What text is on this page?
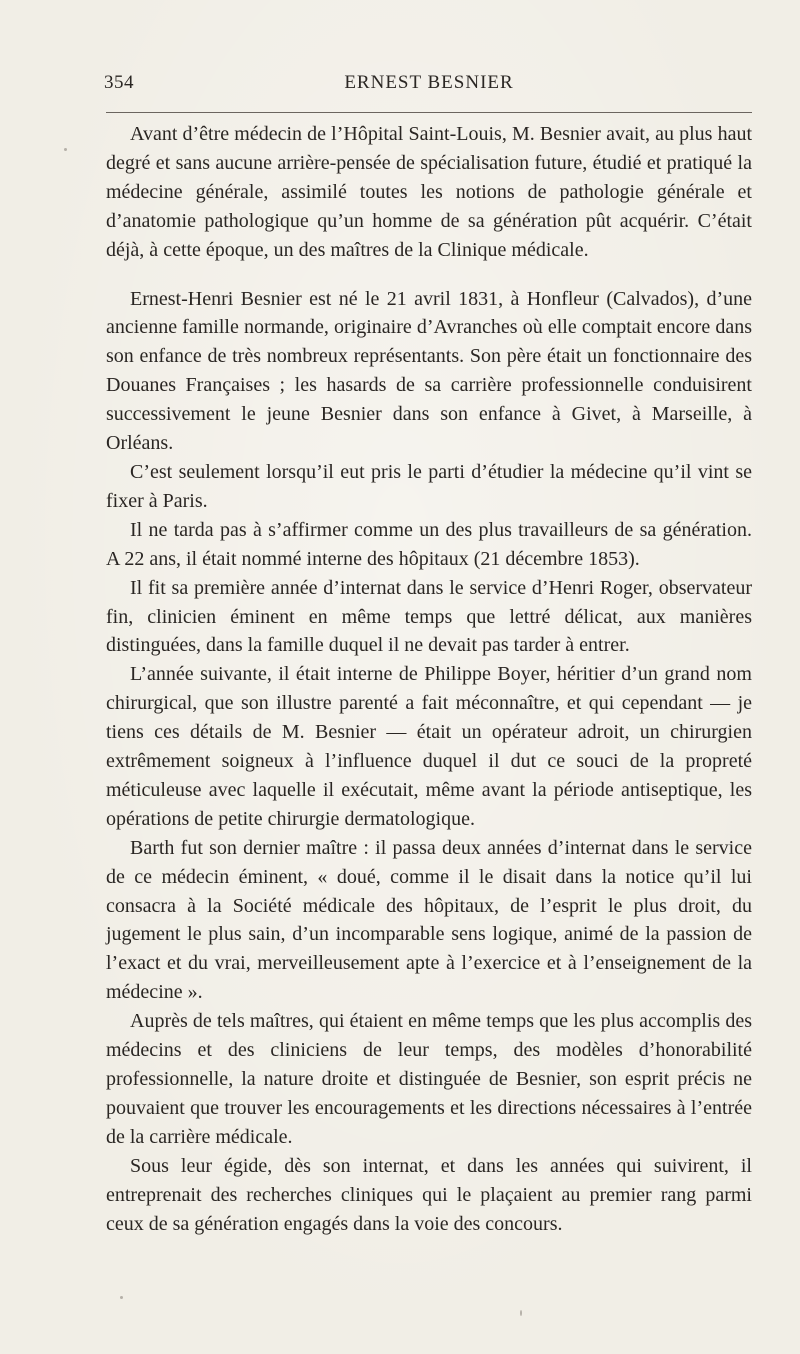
354	ERNEST BESNIER

Avant d’être médecin de l’Hôpital Saint-Louis, M. Besnier avait, au plus haut degré et sans aucune arrière-pensée de spécialisation future, étudié et pratiqué la médecine générale, assimilé toutes les notions de pathologie générale et d’anatomie pathologique qu’un homme de sa génération pût acquérir. C’était déjà, à cette époque, un des maîtres de la Clinique médicale.

Ernest-Henri Besnier est né le 21 avril 1831, à Honfleur (Calvados), d’une ancienne famille normande, originaire d’Avranches où elle comptait encore dans son enfance de très nombreux représentants. Son père était un fonctionnaire des Douanes Françaises ; les hasards de sa carrière professionnelle conduisirent successivement le jeune Besnier dans son enfance à Givet, à Marseille, à Orléans.

C’est seulement lorsqu’il eut pris le parti d’étudier la médecine qu’il vint se fixer à Paris.

Il ne tarda pas à s’affirmer comme un des plus travailleurs de sa génération. A 22 ans, il était nommé interne des hôpitaux (21 décembre 1853).

Il fit sa première année d’internat dans le service d’Henri Roger, observateur fin, clinicien éminent en même temps que lettré délicat, aux manières distinguées, dans la famille duquel il ne devait pas tarder à entrer.

L’année suivante, il était interne de Philippe Boyer, héritier d’un grand nom chirurgical, que son illustre parenté a fait méconnaître, et qui cependant — je tiens ces détails de M. Besnier — était un opérateur adroit, un chirurgien extrêmement soigneux à l’influence duquel il dut ce souci de la propreté méticuleuse avec laquelle il exécutait, même avant la période antiseptique, les opérations de petite chirurgie dermatologique.

Barth fut son dernier maître : il passa deux années d’internat dans le service de ce médecin éminent, « doué, comme il le disait dans la notice qu’il lui consacra à la Société médicale des hôpitaux, de l’esprit le plus droit, du jugement le plus sain, d’un incomparable sens logique, animé de la passion de l’exact et du vrai, merveilleusement apte à l’exercice et à l’enseignement de la médecine ».

Auprès de tels maîtres, qui étaient en même temps que les plus accomplis des médecins et des cliniciens de leur temps, des modèles d’honorabilité professionnelle, la nature droite et distinguée de Besnier, son esprit précis ne pouvaient que trouver les encouragements et les directions nécessaires à l’entrée de la carrière médicale.

Sous leur égide, dès son internat, et dans les années qui suivirent, il entreprenait des recherches cliniques qui le plaçaient au premier rang parmi ceux de sa génération engagés dans la voie des concours.
